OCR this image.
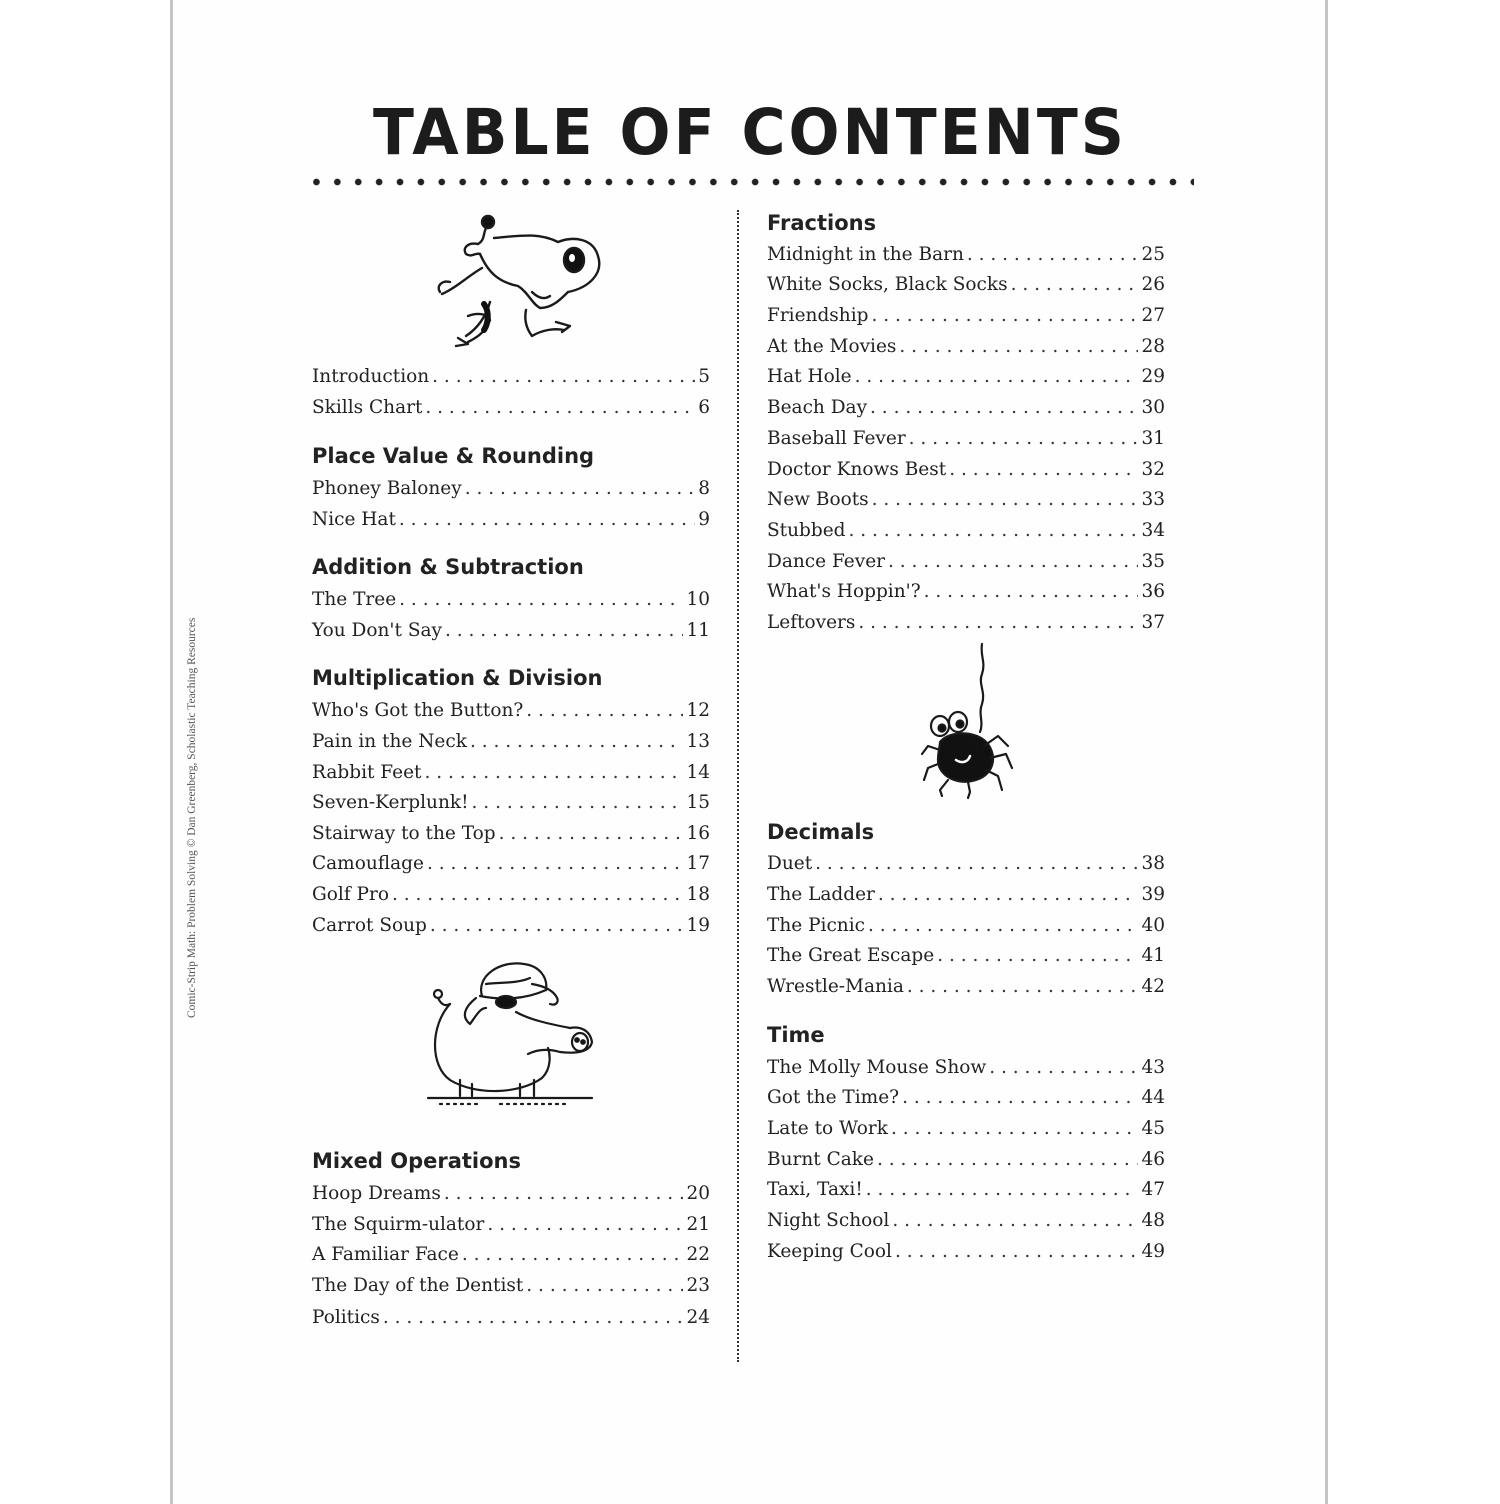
TABLE OF CONTENTS
Comic-Strip Math: Problem Solving © Dan Greenberg, Scholastic Teaching Resources
Introduction . . .	5
Skills Chart . . .	6
Place Value & Rounding
Phoney Baloney . . .	8
Nice Hat . . .	9
Addition & Subtraction
The Tree . . .	10
You Don't Say . . .	11
Multiplication & Division
Who's Got the Button? . . .	12
Pain in the Neck . . .	13
Rabbit Feet . . .	14
Seven-Kerplunk! . . .	15
Stairway to the Top . . .	16
Camouflage . . .	17
Golf Pro . . .	18
Carrot Soup . . .	19
Mixed Operations
Hoop Dreams . . .	20
The Squirm-ulator . . .	21
A Familiar Face . . .	22
The Day of the Dentist . . .	23
Politics . . .	24
Fractions
Midnight in the Barn . . .	25
White Socks, Black Socks . . .	26
Friendship . . .	27
At the Movies . . .	28
Hat Hole . . .	29
Beach Day . . .	30
Baseball Fever . . .	31
Doctor Knows Best . . .	32
New Boots . . .	33
Stubbed . . .	34
Dance Fever . . .	35
What's Hoppin'? . . .	36
Leftovers . . .	37
Decimals
Duet . . .	38
The Ladder . . .	39
The Picnic . . .	40
The Great Escape . . .	41
Wrestle-Mania . . .	42
Time
The Molly Mouse Show . . .	43
Got the Time? . . .	44
Late to Work . . .	45
Burnt Cake . . .	46
Taxi, Taxi! . . .	47
Night School . . .	48
Keeping Cool . . .	49
